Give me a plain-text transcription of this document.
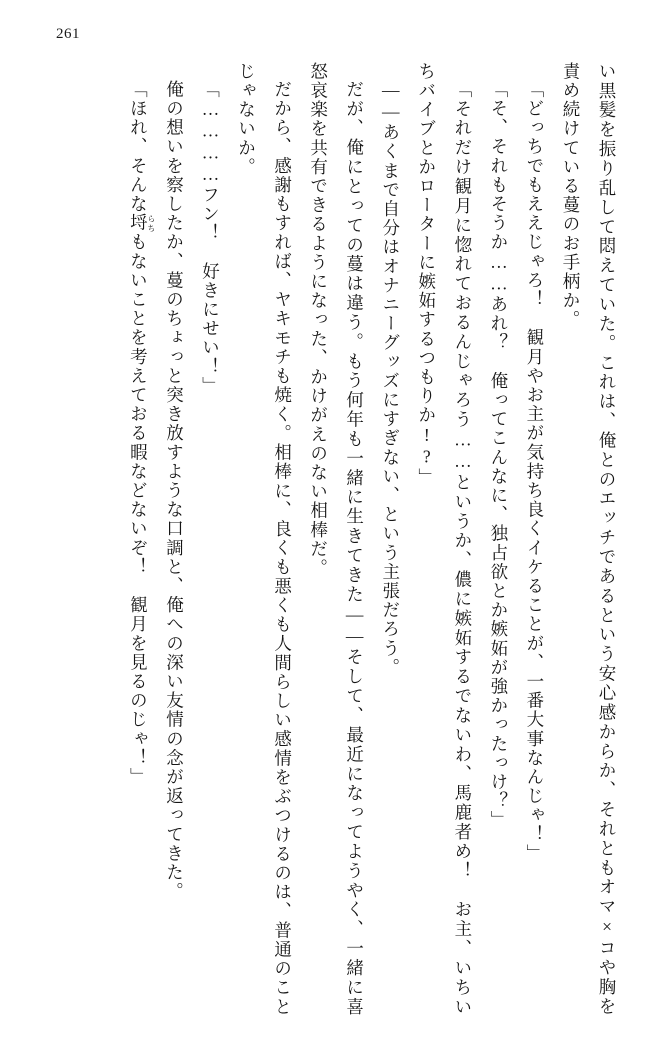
261

い黒髪を振り乱して悶えていた。これは、俺とのエッチであるという安心感からか、それともオマ×コや胸を責め続けている蔓のお手柄か。

「どっちでもええじゃろ！　観月やお主が気持ち良くイケることが、一番大事なんじゃ！」

「そ、それもそうか……あれ？　俺ってこんなに、独占欲とか嫉妬が強かったっけ？」

「それだけ観月に惚れておるんじゃろう……というか、儂に嫉妬するでないわ、馬鹿者め！　お主、いちいちバイブとかローターに嫉妬するつもりか!?」

――あくまで自分はオナニーグッズにすぎない、という主張だろう。

だが、俺にとっての蔓は違う。もう何年も一緒に生きてきた――そして、最近になってようやく、一緒に喜怒哀楽を共有できるようになった、かけがえのない相棒だ。

だから、感謝もすれば、ヤキモチも焼く。相棒に、良くも悪くも人間らしい感情をぶつけるのは、普通のことじゃないか。

「…………フン！　好きにせい！」

俺の想いを察したか、蔓のちょっと突き放すような口調と、俺への深い友情の念が返ってきた。

「ほれ、そんな埒らちもないことを考えておる暇などないぞ！　観月を見るのじゃ！」
